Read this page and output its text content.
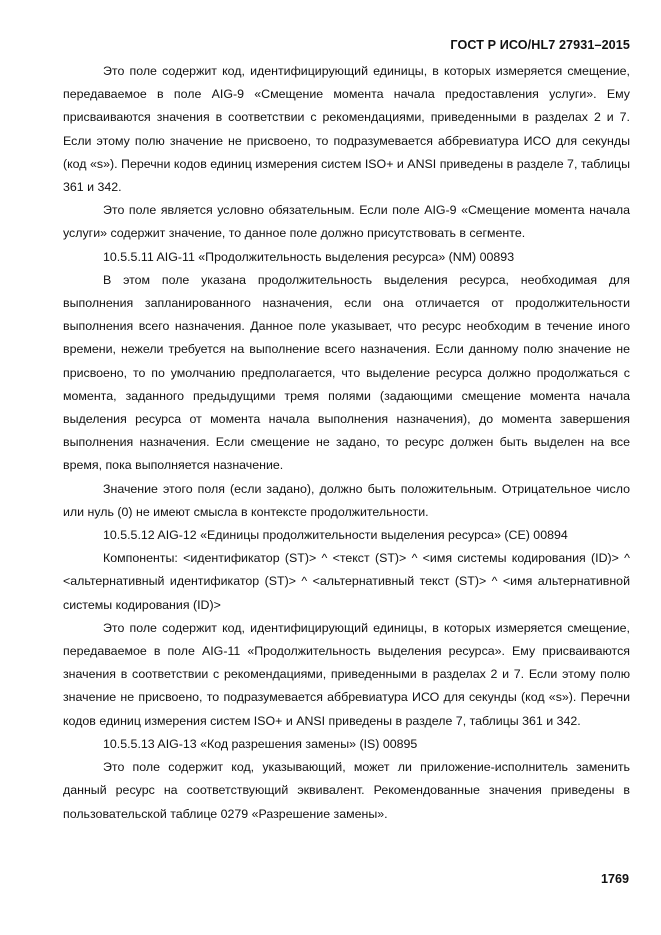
ГОСТ Р ИСО/HL7 27931–2015

Это поле содержит код, идентифицирующий единицы, в которых измеряется смещение, передаваемое в поле AIG-9 «Смещение момента начала предоставления услуги». Ему присваиваются значения в соответствии с рекомендациями, приведенными в разделах 2 и 7. Если этому полю значение не присвоено, то подразумевается аббревиатура ИСО для секунды (код «s»). Перечни кодов единиц измерения систем ISO+ и ANSI приведены в разделе 7, таблицы 361 и 342.

Это поле является условно обязательным. Если поле AIG-9 «Смещение момента начала услуги» содержит значение, то данное поле должно присутствовать в сегменте.

10.5.5.11 AIG-11 «Продолжительность выделения ресурса» (NM) 00893

В этом поле указана продолжительность выделения ресурса, необходимая для выполнения запланированного назначения, если она отличается от продолжительности выполнения всего назначения. Данное поле указывает, что ресурс необходим в течение иного времени, нежели требуется на выполнение всего назначения. Если данному полю значение не присвоено, то по умолчанию предполагается, что выделение ресурса должно продолжаться с момента, заданного предыдущими тремя полями (задающими смещение момента начала выделения ресурса от момента начала выполнения назначения), до момента завершения выполнения назначения. Если смещение не задано, то ресурс должен быть выделен на все время, пока выполняется назначение.

Значение этого поля (если задано), должно быть положительным. Отрицательное число или нуль (0) не имеют смысла в контексте продолжительности.

10.5.5.12 AIG-12 «Единицы продолжительности выделения ресурса» (CE) 00894

Компоненты: <идентификатор (ST)> ^ <текст (ST)> ^ <имя системы кодирования (ID)> ^ <альтернативный идентификатор (ST)> ^ <альтернативный текст (ST)> ^ <имя альтернативной системы кодирования (ID)>

Это поле содержит код, идентифицирующий единицы, в которых измеряется смещение, передаваемое в поле AIG-11 «Продолжительность выделения ресурса». Ему присваиваются значения в соответствии с рекомендациями, приведенными в разделах 2 и 7. Если этому полю значение не присвоено, то подразумевается аббревиатура ИСО для секунды (код «s»). Перечни кодов единиц измерения систем ISO+ и ANSI приведены в разделе 7, таблицы 361 и 342.

10.5.5.13 AIG-13 «Код разрешения замены» (IS) 00895

Это поле содержит код, указывающий, может ли приложение-исполнитель заменить данный ресурс на соответствующий эквивалент. Рекомендованные значения приведены в пользовательской таблице 0279 «Разрешение замены».

1769
